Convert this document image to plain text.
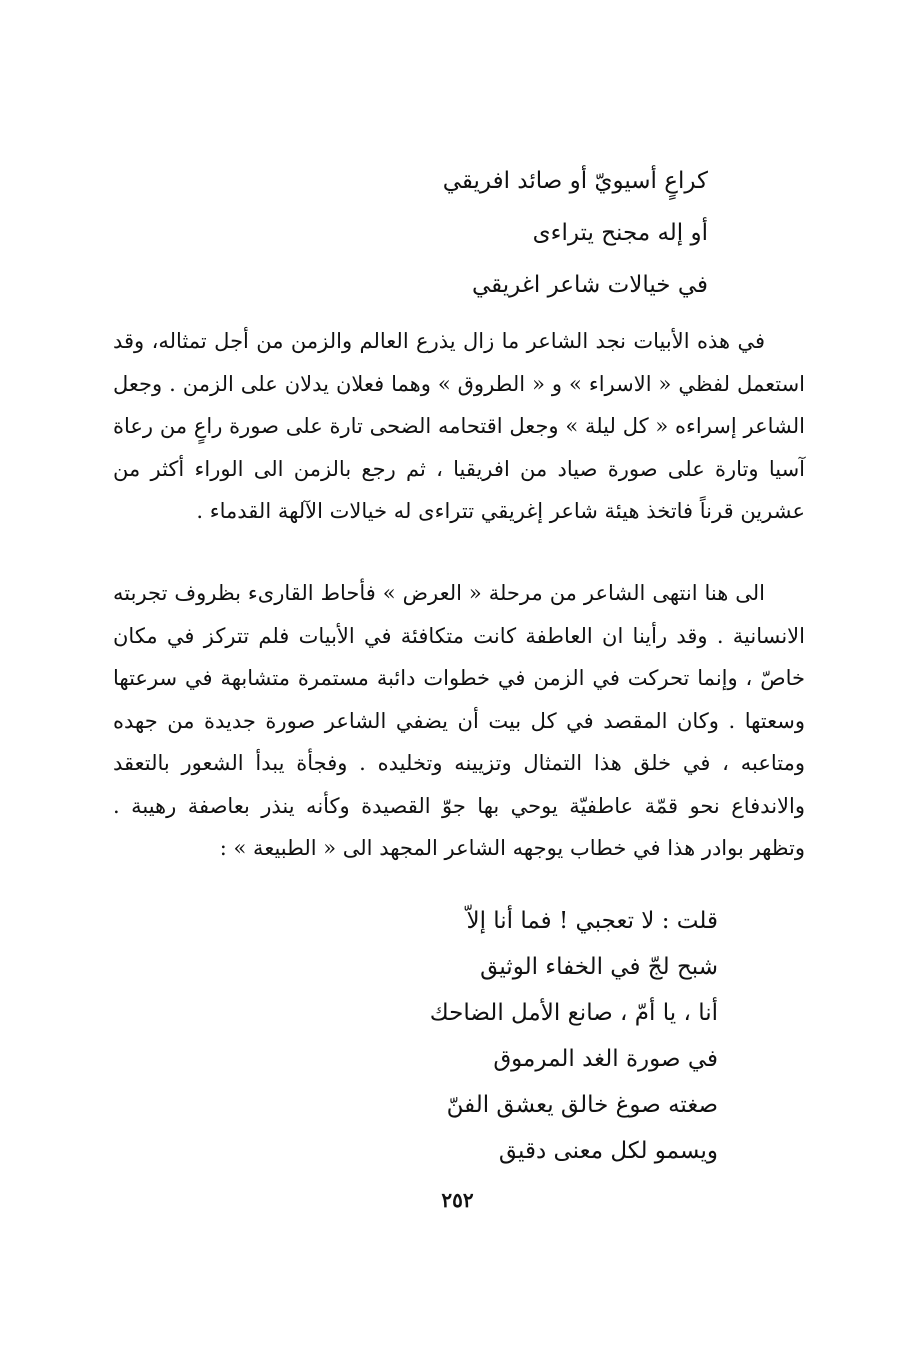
كراعٍ أسيويّ أو صائد افريقي
أو إله مجنح يتراءى
في خيالات شاعر اغريقي

في هذه الأبيات نجد الشاعر ما زال يذرع العالم والزمن من أجل تمثاله، وقد استعمل لفظي « الاسراء » و « الطروق » وهما فعلان يدلان على الزمن . وجعل الشاعر إسراءه « كل ليلة » وجعل اقتحامه الضحى تارة على صورة راعٍ من رعاة آسيا وتارة على صورة صياد من افريقيا ، ثم رجع بالزمن الى الوراء أكثر من عشرين قرناً فاتخذ هيئة شاعر إغريقي تتراءى له خيالات الآلهة القدماء .

الى هنا انتهى الشاعر من مرحلة « العرض » فأحاط القارىء بظروف تجربته الانسانية . وقد رأينا ان العاطفة كانت متكافئة في الأبيات فلم تتركز في مكان خاصّ ، وإنما تحركت في الزمن في خطوات دائبة مستمرة متشابهة في سرعتها وسعتها . وكان المقصد في كل بيت أن يضفي الشاعر صورة جديدة من جهده ومتاعبه ، في خلق هذا التمثال وتزيينه وتخليده . وفجأة يبدأ الشعور بالتعقد والاندفاع نحو قمّة عاطفيّة يوحي بها جوّ القصيدة وكأنه ينذر بعاصفة رهيبة . وتظهر بوادر هذا في خطاب يوجهه الشاعر المجهد الى « الطبيعة » :

قلت : لا تعجبي ! فما أنا إلاّ
شبح لجّ في الخفاء الوثيق
أنا ، يا أمّ ، صانع الأمل الضاحك
في صورة الغد المرموق
صغته صوغ خالق يعشق الفنّ
ويسمو لكل معنى دقيق
٢٥٢
